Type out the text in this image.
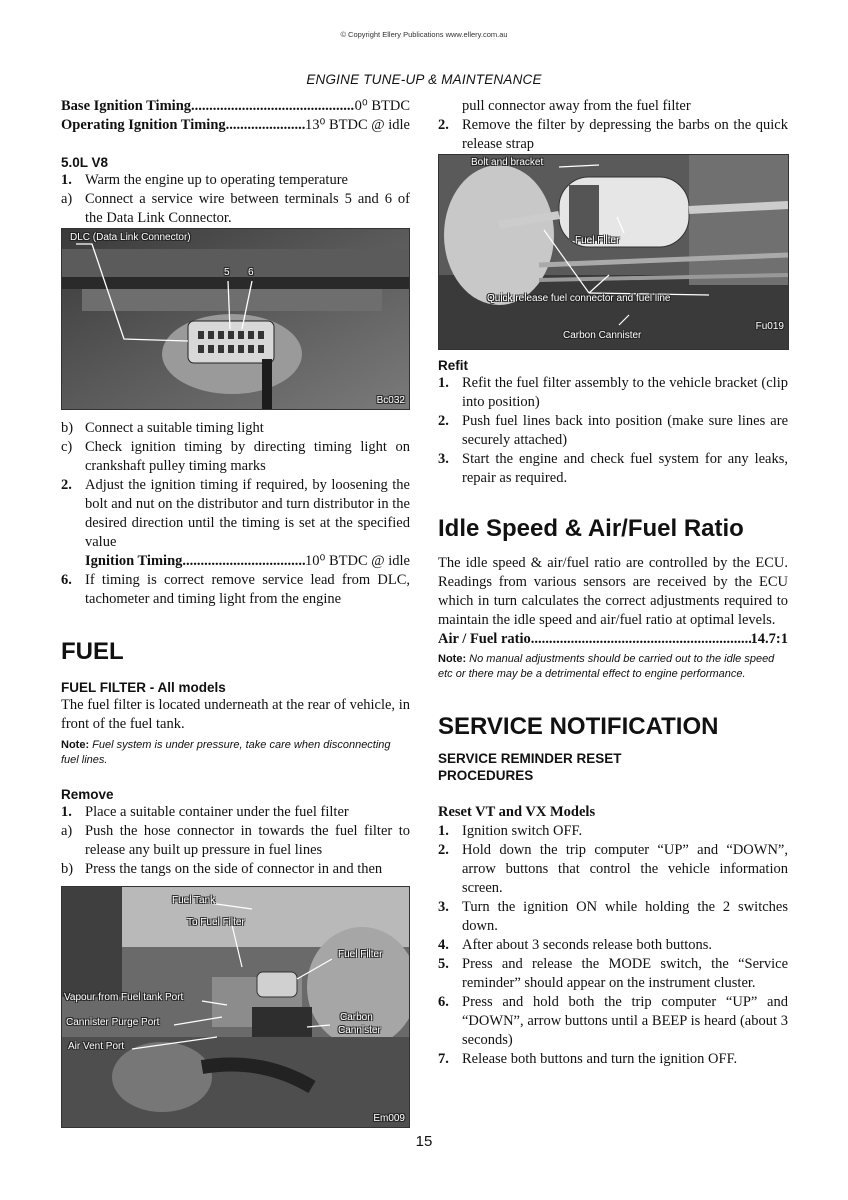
© Copyright Ellery Publications www.ellery.com.au
ENGINE TUNE-UP & MAINTENANCE
Base Ignition Timing .....	0⁰ BTDC
Operating Ignition Timing .....	13⁰ BTDC @ idle
5.0L V8
1. Warm the engine up to operating temperature
a) Connect a service wire between terminals 5 and 6 of the Data Link Connector.
DLC (Data Link Connector)
5 6
Bc032
b) Connect a suitable timing light
c) Check ignition timing by directing timing light on crankshaft pulley timing marks
2. Adjust the ignition timing if required, by loosening the bolt and nut on the distributor and turn distributor in the desired direction until the timing is set at the specified value
Ignition Timing .....	10⁰ BTDC @ idle
6. If timing is correct remove service lead from DLC, tachometer and timing light from the engine
FUEL
FUEL FILTER - All models

The fuel filter is located underneath at the rear of vehicle, in front of the fuel tank.

Note: Fuel system is under pressure, take care when disconnecting fuel lines.

Remove
1. Place a suitable container under the fuel filter
a) Push the hose connector in towards the fuel filter to release any built up pressure in fuel lines
b) Press the tangs on the side of connector in and then
Fuel Tank
To Fuel Filter
Fuel Filter
Vapour from Fuel tank Port
Cannister Purge Port	Carbon
Cannister
Air Vent Port
Em009
pull connector away from the fuel filter
2. Remove the filter by depressing the barbs on the quick release strap
Bolt and bracket
Fuel Filter
Quick release fuel connector and fuel line
Carbon Cannister
Fu019
Refit
1. Refit the fuel filter assembly to the vehicle bracket (clip into position)
2. Push fuel lines back into position (make sure lines are securely attached)
3. Start the engine and check fuel system for any leaks, repair as required.
Idle Speed & Air/Fuel Ratio

The idle speed & air/fuel ratio are controlled by the ECU. Readings from various sensors are received by the ECU which in turn calculates the correct adjustments required to maintain the idle speed and air/fuel ratio at optimal levels.

Air / Fuel ratio .....	14.7:1

Note: No manual adjustments should be carried out to the idle speed etc or there may be a detrimental effect to engine performance.

SERVICE NOTIFICATION
SERVICE REMINDER RESET
PROCEDURES
Reset VT and VX Models
1. Ignition switch OFF.
2. Hold down the trip computer “UP” and “DOWN”, arrow buttons that control the vehicle information screen.
3. Turn the ignition ON while holding the 2 switches down.
4. After about 3 seconds release both buttons.
5. Press and release the MODE switch, the “Service reminder” should appear on the instrument cluster.
6. Press and hold both the trip computer “UP” and “DOWN”, arrow buttons until a BEEP is heard (about 3 seconds)
7. Release both buttons and turn the ignition OFF.
15
